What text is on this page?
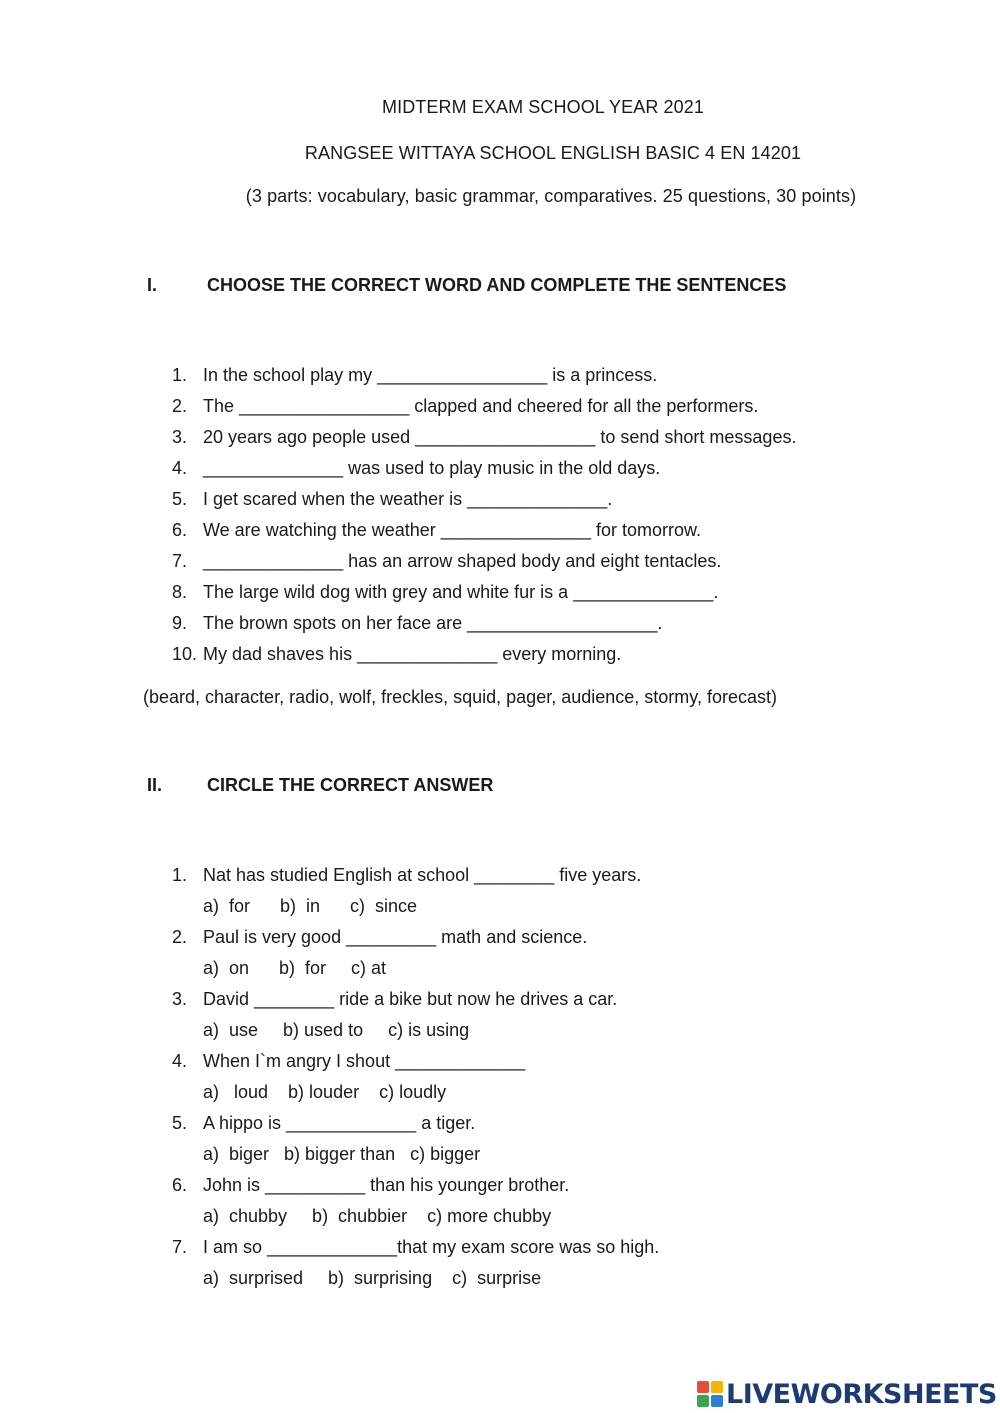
MIDTERM EXAM SCHOOL YEAR 2021
RANGSEE WITTAYA SCHOOL ENGLISH BASIC 4 EN 14201
(3 parts: vocabulary, basic grammar, comparatives. 25 questions, 30 points)
I.	CHOOSE THE CORRECT WORD AND COMPLETE THE SENTENCES
1. In the school play my _________________ is a princess.
2. The _________________ clapped and cheered for all the performers.
3. 20 years ago people used __________________ to send short messages.
4. ______________ was used to play music in the old days.
5. I get scared when the weather is ______________.
6. We are watching the weather _______________ for tomorrow.
7. ______________ has an arrow shaped body and eight tentacles.
8. The large wild dog with grey and white fur is a ______________.
9. The brown spots on her face are ___________________.
10. My dad shaves his ______________ every morning.
(beard, character, radio, wolf, freckles, squid, pager, audience, stormy, forecast)
II. CIRCLE THE CORRECT ANSWER
1. Nat has studied English at school ________ five years.
a)  for      b)  in      c)  since
2. Paul is very good _________ math and science.
a)  on      b)  for     c) at
3. David ________ ride a bike but now he drives a car.
a)  use     b) used to     c) is using
4. When I`m angry I shout _____________
a)   loud    b) louder    c) loudly
5. A hippo is _____________ a tiger.
a)  biger   b) bigger than   c) bigger
6. John is __________ than his younger brother.
a)  chubby     b)  chubbier    c) more chubby
7. I am so _____________that my exam score was so high.
a)  surprised     b)  surprising    c)  surprise
LIVEWORKSHEETS
